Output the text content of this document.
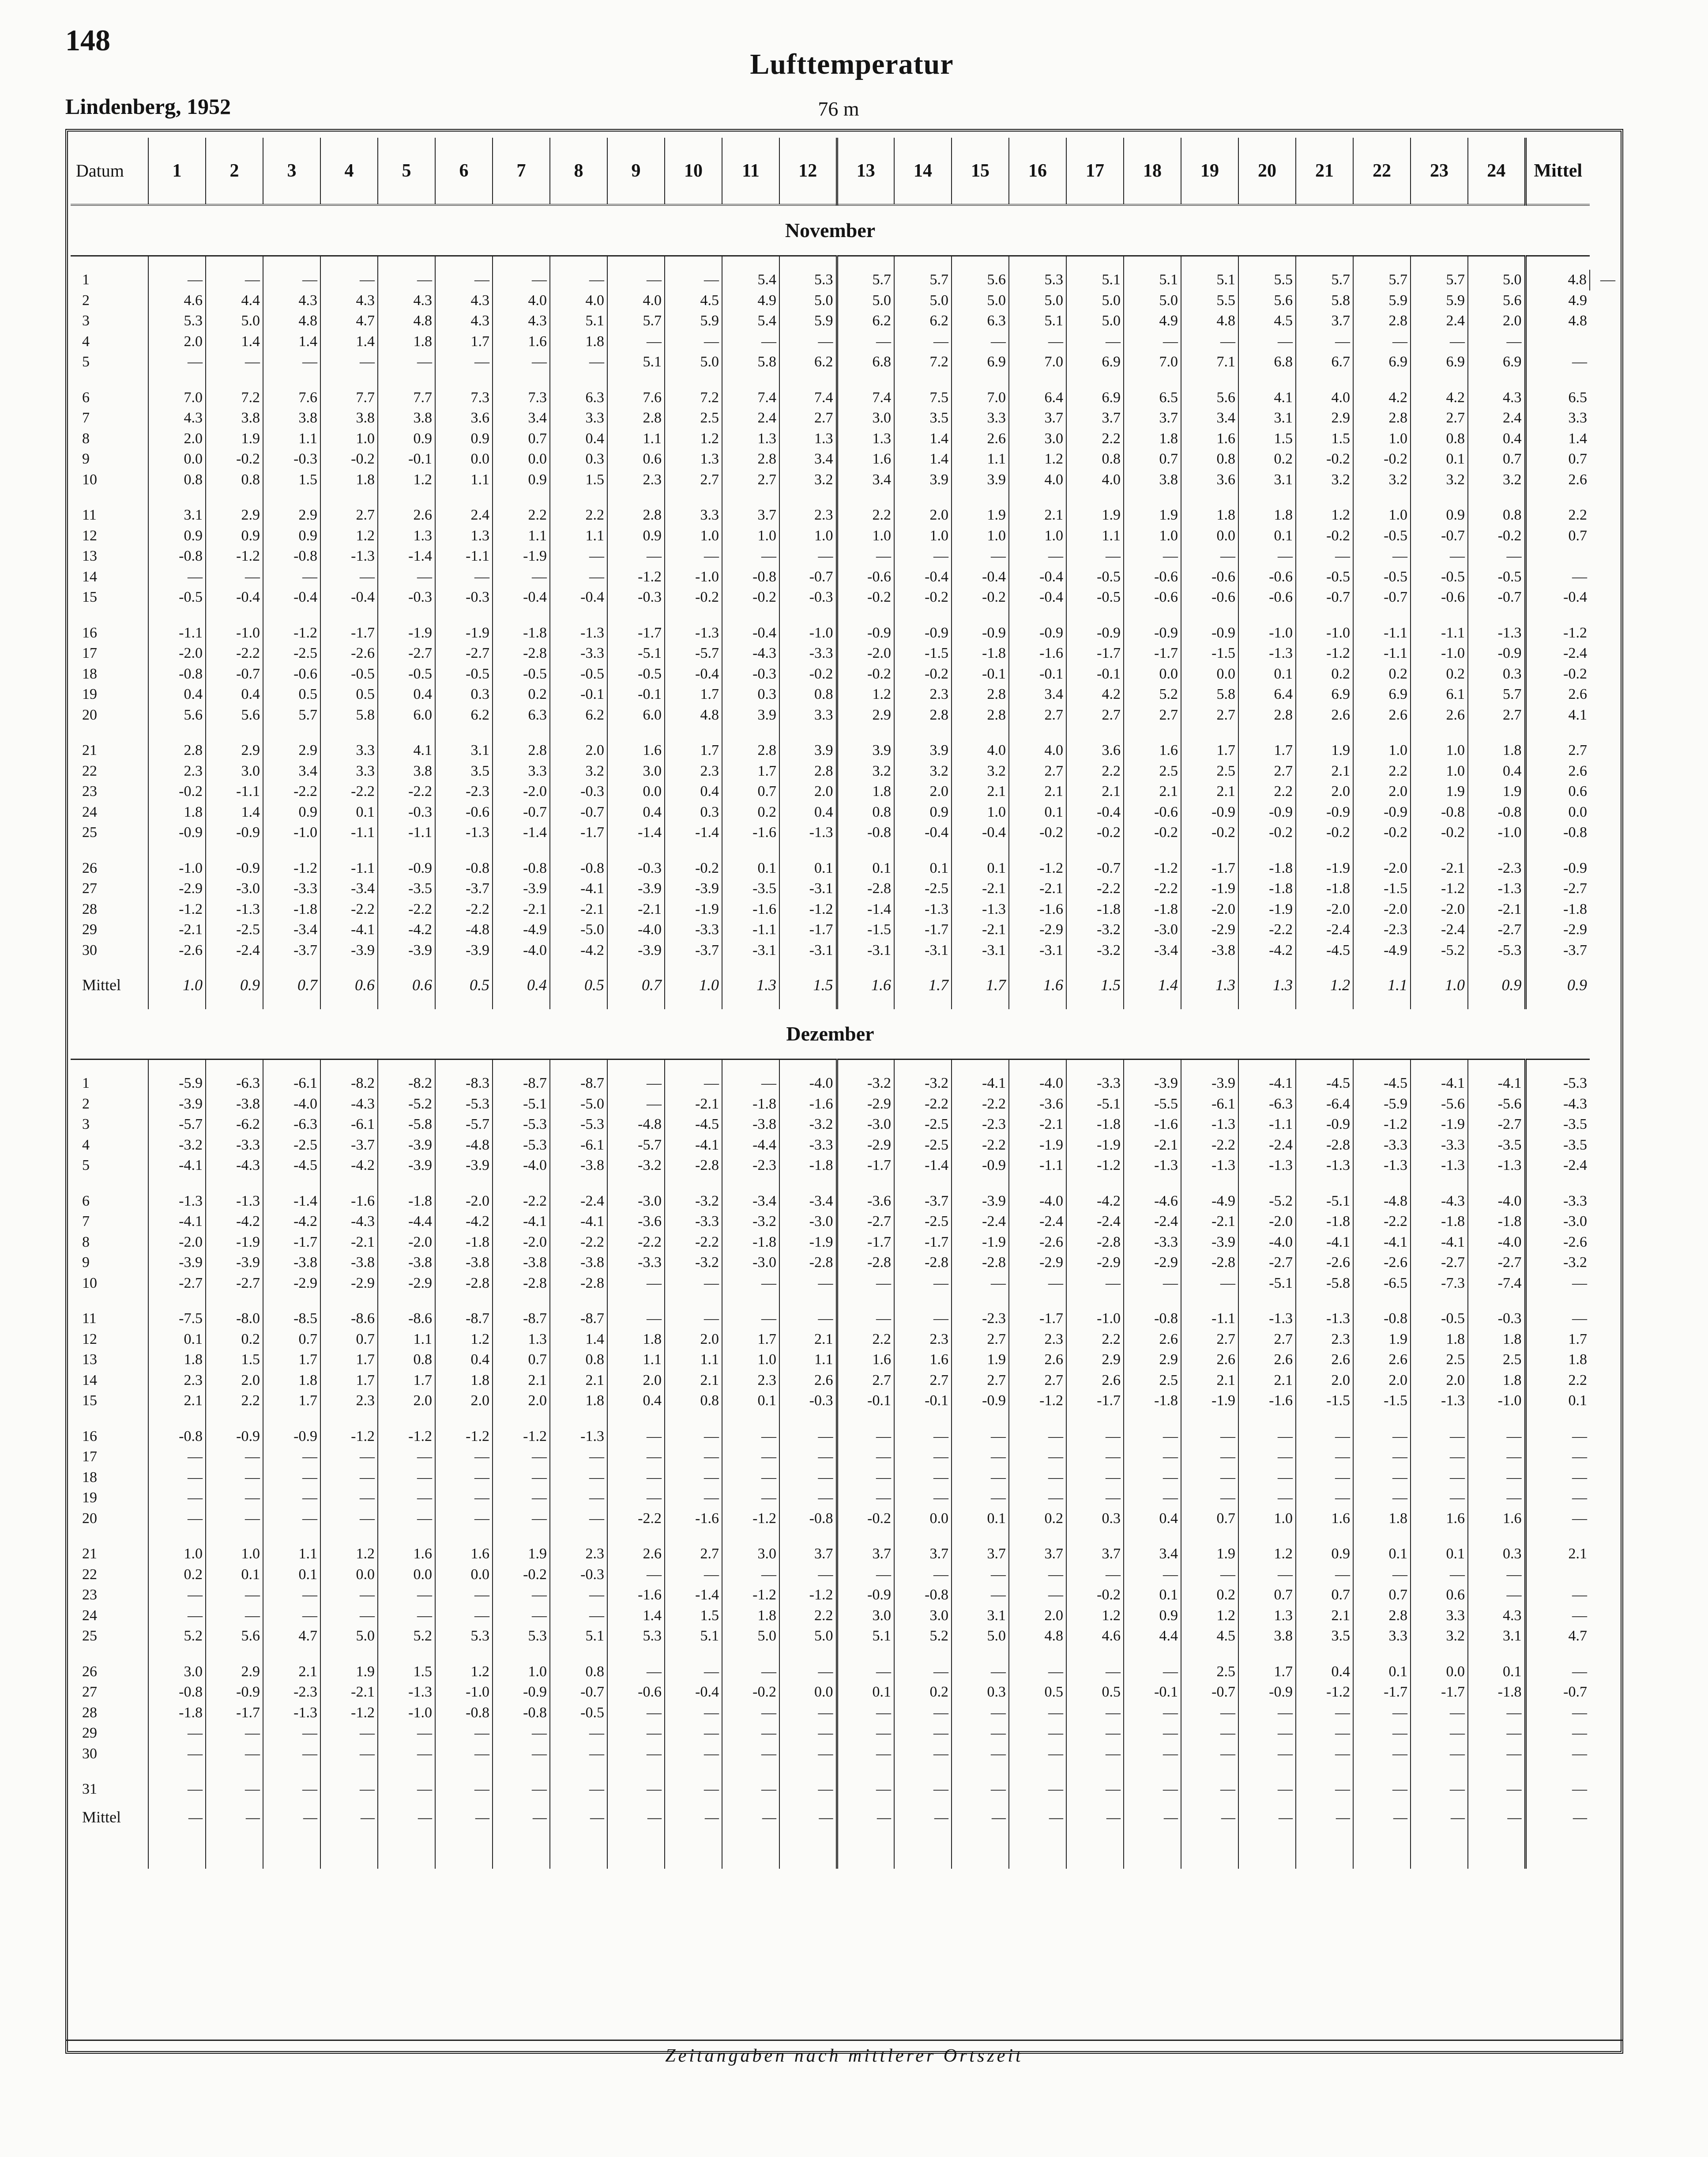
148
Lufttemperatur
Lindenberg, 1952	76 m
Datum	1	2	3	4	5	6	7	8	9	10	11	12	13	14	15	16	17	18	19	20	21	22	23	24	Mittel	
November																										

1	—	—	—	—	—	—	—	—	—	—	5.4	5.3	5.7	5.7	5.6	5.3	5.1	5.1	5.1	5.5	5.7	5.7	5.7	5.0	4.8	—
2	4.6	4.4	4.3	4.3	4.3	4.3	4.0	4.0	4.0	4.5	4.9	5.0	5.0	5.0	5.0	5.0	5.0	5.0	5.5	5.6	5.8	5.9	5.9	5.6	4.9	
3	5.3	5.0	4.8	4.7	4.8	4.3	4.3	5.1	5.7	5.9	5.4	5.9	6.2	6.2	6.3	5.1	5.0	4.9	4.8	4.5	3.7	2.8	2.4	2.0	4.8	
4	2.0	1.4	1.4	1.4	1.8	1.7	1.6	1.8	—	—	—	—	—	—	—	—	—	—	—	—	—	—	—	—		
5	—	—	—	—	—	—	—	—	5.1	5.0	5.8	6.2	6.8	7.2	6.9	7.0	6.9	7.0	7.1	6.8	6.7	6.9	6.9	6.9	—	

6	7.0	7.2	7.6	7.7	7.7	7.3	7.3	6.3	7.6	7.2	7.4	7.4	7.4	7.5	7.0	6.4	6.9	6.5	5.6	4.1	4.0	4.2	4.2	4.3	6.5	
7	4.3	3.8	3.8	3.8	3.8	3.6	3.4	3.3	2.8	2.5	2.4	2.7	3.0	3.5	3.3	3.7	3.7	3.7	3.4	3.1	2.9	2.8	2.7	2.4	3.3	
8	2.0	1.9	1.1	1.0	0.9	0.9	0.7	0.4	1.1	1.2	1.3	1.3	1.3	1.4	2.6	3.0	2.2	1.8	1.6	1.5	1.5	1.0	0.8	0.4	1.4	
9	0.0	-0.2	-0.3	-0.2	-0.1	0.0	0.0	0.3	0.6	1.3	2.8	3.4	1.6	1.4	1.1	1.2	0.8	0.7	0.8	0.2	-0.2	-0.2	0.1	0.7	0.7	
10	0.8	0.8	1.5	1.8	1.2	1.1	0.9	1.5	2.3	2.7	2.7	3.2	3.4	3.9	3.9	4.0	4.0	3.8	3.6	3.1	3.2	3.2	3.2	3.2	2.6	

11	3.1	2.9	2.9	2.7	2.6	2.4	2.2	2.2	2.8	3.3	3.7	2.3	2.2	2.0	1.9	2.1	1.9	1.9	1.8	1.8	1.2	1.0	0.9	0.8	2.2	
12	0.9	0.9	0.9	1.2	1.3	1.3	1.1	1.1	0.9	1.0	1.0	1.0	1.0	1.0	1.0	1.0	1.1	1.0	0.0	0.1	-0.2	-0.5	-0.7	-0.2	0.7	
13	-0.8	-1.2	-0.8	-1.3	-1.4	-1.1	-1.9	—	—	—	—	—	—	—	—	—	—	—	—	—	—	—	—	—		
14	—	—	—	—	—	—	—	—	-1.2	-1.0	-0.8	-0.7	-0.6	-0.4	-0.4	-0.4	-0.5	-0.6	-0.6	-0.6	-0.5	-0.5	-0.5	-0.5	—	
15	-0.5	-0.4	-0.4	-0.4	-0.3	-0.3	-0.4	-0.4	-0.3	-0.2	-0.2	-0.3	-0.2	-0.2	-0.2	-0.4	-0.5	-0.6	-0.6	-0.6	-0.7	-0.7	-0.6	-0.7	-0.4	

16	-1.1	-1.0	-1.2	-1.7	-1.9	-1.9	-1.8	-1.3	-1.7	-1.3	-0.4	-1.0	-0.9	-0.9	-0.9	-0.9	-0.9	-0.9	-0.9	-1.0	-1.0	-1.1	-1.1	-1.3	-1.2	
17	-2.0	-2.2	-2.5	-2.6	-2.7	-2.7	-2.8	-3.3	-5.1	-5.7	-4.3	-3.3	-2.0	-1.5	-1.8	-1.6	-1.7	-1.7	-1.5	-1.3	-1.2	-1.1	-1.0	-0.9	-2.4	
18	-0.8	-0.7	-0.6	-0.5	-0.5	-0.5	-0.5	-0.5	-0.5	-0.4	-0.3	-0.2	-0.2	-0.2	-0.1	-0.1	-0.1	0.0	0.0	0.1	0.2	0.2	0.2	0.3	-0.2	
19	0.4	0.4	0.5	0.5	0.4	0.3	0.2	-0.1	-0.1	1.7	0.3	0.8	1.2	2.3	2.8	3.4	4.2	5.2	5.8	6.4	6.9	6.9	6.1	5.7	2.6	
20	5.6	5.6	5.7	5.8	6.0	6.2	6.3	6.2	6.0	4.8	3.9	3.3	2.9	2.8	2.8	2.7	2.7	2.7	2.7	2.8	2.6	2.6	2.6	2.7	4.1	

21	2.8	2.9	2.9	3.3	4.1	3.1	2.8	2.0	1.6	1.7	2.8	3.9	3.9	3.9	4.0	4.0	3.6	1.6	1.7	1.7	1.9	1.0	1.0	1.8	2.7	
22	2.3	3.0	3.4	3.3	3.8	3.5	3.3	3.2	3.0	2.3	1.7	2.8	3.2	3.2	3.2	2.7	2.2	2.5	2.5	2.7	2.1	2.2	1.0	0.4	2.6	
23	-0.2	-1.1	-2.2	-2.2	-2.2	-2.3	-2.0	-0.3	0.0	0.4	0.7	2.0	1.8	2.0	2.1	2.1	2.1	2.1	2.1	2.2	2.0	2.0	1.9	1.9	0.6	
24	1.8	1.4	0.9	0.1	-0.3	-0.6	-0.7	-0.7	0.4	0.3	0.2	0.4	0.8	0.9	1.0	0.1	-0.4	-0.6	-0.9	-0.9	-0.9	-0.9	-0.8	-0.8	0.0	
25	-0.9	-0.9	-1.0	-1.1	-1.1	-1.3	-1.4	-1.7	-1.4	-1.4	-1.6	-1.3	-0.8	-0.4	-0.4	-0.2	-0.2	-0.2	-0.2	-0.2	-0.2	-0.2	-0.2	-1.0	-0.8	

26	-1.0	-0.9	-1.2	-1.1	-0.9	-0.8	-0.8	-0.8	-0.3	-0.2	0.1	0.1	0.1	0.1	0.1	-1.2	-0.7	-1.2	-1.7	-1.8	-1.9	-2.0	-2.1	-2.3	-0.9	
27	-2.9	-3.0	-3.3	-3.4	-3.5	-3.7	-3.9	-4.1	-3.9	-3.9	-3.5	-3.1	-2.8	-2.5	-2.1	-2.1	-2.2	-2.2	-1.9	-1.8	-1.8	-1.5	-1.2	-1.3	-2.7	
28	-1.2	-1.3	-1.8	-2.2	-2.2	-2.2	-2.1	-2.1	-2.1	-1.9	-1.6	-1.2	-1.4	-1.3	-1.3	-1.6	-1.8	-1.8	-2.0	-1.9	-2.0	-2.0	-2.0	-2.1	-1.8	
29	-2.1	-2.5	-3.4	-4.1	-4.2	-4.8	-4.9	-5.0	-4.0	-3.3	-1.1	-1.7	-1.5	-1.7	-2.1	-2.9	-3.2	-3.0	-2.9	-2.2	-2.4	-2.3	-2.4	-2.7	-2.9	
30	-2.6	-2.4	-3.7	-3.9	-3.9	-3.9	-4.0	-4.2	-3.9	-3.7	-3.1	-3.1	-3.1	-3.1	-3.1	-3.1	-3.2	-3.4	-3.8	-4.2	-4.5	-4.9	-5.2	-5.3	-3.7	
Mittel	1.0	0.9	0.7	0.6	0.6	0.5	0.4	0.5	0.7	1.0	1.3	1.5	1.6	1.7	1.7	1.6	1.5	1.4	1.3	1.3	1.2	1.1	1.0	0.9	0.9	
Dezember																										

1	-5.9	-6.3	-6.1	-8.2	-8.2	-8.3	-8.7	-8.7	—	—	—	-4.0	-3.2	-3.2	-4.1	-4.0	-3.3	-3.9	-3.9	-4.1	-4.5	-4.5	-4.1	-4.1	-5.3	
2	-3.9	-3.8	-4.0	-4.3	-5.2	-5.3	-5.1	-5.0	—	-2.1	-1.8	-1.6	-2.9	-2.2	-2.2	-3.6	-5.1	-5.5	-6.1	-6.3	-6.4	-5.9	-5.6	-5.6	-4.3	
3	-5.7	-6.2	-6.3	-6.1	-5.8	-5.7	-5.3	-5.3	-4.8	-4.5	-3.8	-3.2	-3.0	-2.5	-2.3	-2.1	-1.8	-1.6	-1.3	-1.1	-0.9	-1.2	-1.9	-2.7	-3.5	
4	-3.2	-3.3	-2.5	-3.7	-3.9	-4.8	-5.3	-6.1	-5.7	-4.1	-4.4	-3.3	-2.9	-2.5	-2.2	-1.9	-1.9	-2.1	-2.2	-2.4	-2.8	-3.3	-3.3	-3.5	-3.5	
5	-4.1	-4.3	-4.5	-4.2	-3.9	-3.9	-4.0	-3.8	-3.2	-2.8	-2.3	-1.8	-1.7	-1.4	-0.9	-1.1	-1.2	-1.3	-1.3	-1.3	-1.3	-1.3	-1.3	-1.3	-2.4	

6	-1.3	-1.3	-1.4	-1.6	-1.8	-2.0	-2.2	-2.4	-3.0	-3.2	-3.4	-3.4	-3.6	-3.7	-3.9	-4.0	-4.2	-4.6	-4.9	-5.2	-5.1	-4.8	-4.3	-4.0	-3.3	
7	-4.1	-4.2	-4.2	-4.3	-4.4	-4.2	-4.1	-4.1	-3.6	-3.3	-3.2	-3.0	-2.7	-2.5	-2.4	-2.4	-2.4	-2.4	-2.1	-2.0	-1.8	-2.2	-1.8	-1.8	-3.0	
8	-2.0	-1.9	-1.7	-2.1	-2.0	-1.8	-2.0	-2.2	-2.2	-2.2	-1.8	-1.9	-1.7	-1.7	-1.9	-2.6	-2.8	-3.3	-3.9	-4.0	-4.1	-4.1	-4.1	-4.0	-2.6	
9	-3.9	-3.9	-3.8	-3.8	-3.8	-3.8	-3.8	-3.8	-3.3	-3.2	-3.0	-2.8	-2.8	-2.8	-2.8	-2.9	-2.9	-2.9	-2.8	-2.7	-2.6	-2.6	-2.7	-2.7	-3.2	
10	-2.7	-2.7	-2.9	-2.9	-2.9	-2.8	-2.8	-2.8	—	—	—	—	—	—	—	—	—	—	—	-5.1	-5.8	-6.5	-7.3	-7.4	—	

11	-7.5	-8.0	-8.5	-8.6	-8.6	-8.7	-8.7	-8.7	—	—	—	—	—	—	-2.3	-1.7	-1.0	-0.8	-1.1	-1.3	-1.3	-0.8	-0.5	-0.3	—	
12	0.1	0.2	0.7	0.7	1.1	1.2	1.3	1.4	1.8	2.0	1.7	2.1	2.2	2.3	2.7	2.3	2.2	2.6	2.7	2.7	2.3	1.9	1.8	1.8	1.7	
13	1.8	1.5	1.7	1.7	0.8	0.4	0.7	0.8	1.1	1.1	1.0	1.1	1.6	1.6	1.9	2.6	2.9	2.9	2.6	2.6	2.6	2.6	2.5	2.5	1.8	
14	2.3	2.0	1.8	1.7	1.7	1.8	2.1	2.1	2.0	2.1	2.3	2.6	2.7	2.7	2.7	2.7	2.6	2.5	2.1	2.1	2.0	2.0	2.0	1.8	2.2	
15	2.1	2.2	1.7	2.3	2.0	2.0	2.0	1.8	0.4	0.8	0.1	-0.3	-0.1	-0.1	-0.9	-1.2	-1.7	-1.8	-1.9	-1.6	-1.5	-1.5	-1.3	-1.0	0.1	

16	-0.8	-0.9	-0.9	-1.2	-1.2	-1.2	-1.2	-1.3	—	—	—	—	—	—	—	—	—	—	—	—	—	—	—	—	—	
17	—	—	—	—	—	—	—	—	—	—	—	—	—	—	—	—	—	—	—	—	—	—	—	—	—	
18	—	—	—	—	—	—	—	—	—	—	—	—	—	—	—	—	—	—	—	—	—	—	—	—	—	
19	—	—	—	—	—	—	—	—	—	—	—	—	—	—	—	—	—	—	—	—	—	—	—	—	—	
20	—	—	—	—	—	—	—	—	-2.2	-1.6	-1.2	-0.8	-0.2	0.0	0.1	0.2	0.3	0.4	0.7	1.0	1.6	1.8	1.6	1.6	—	

21	1.0	1.0	1.1	1.2	1.6	1.6	1.9	2.3	2.6	2.7	3.0	3.7	3.7	3.7	3.7	3.7	3.7	3.4	1.9	1.2	0.9	0.1	0.1	0.3	2.1	
22	0.2	0.1	0.1	0.0	0.0	0.0	-0.2	-0.3	—	—	—	—	—	—	—	—	—	—	—	—	—	—	—	—		
23	—	—	—	—	—	—	—	—	-1.6	-1.4	-1.2	-1.2	-0.9	-0.8	—	—	-0.2	0.1	0.2	0.7	0.7	0.7	0.6	—	—	
24	—	—	—	—	—	—	—	—	1.4	1.5	1.8	2.2	3.0	3.0	3.1	2.0	1.2	0.9	1.2	1.3	2.1	2.8	3.3	4.3	—	
25	5.2	5.6	4.7	5.0	5.2	5.3	5.3	5.1	5.3	5.1	5.0	5.0	5.1	5.2	5.0	4.8	4.6	4.4	4.5	3.8	3.5	3.3	3.2	3.1	4.7	

26	3.0	2.9	2.1	1.9	1.5	1.2	1.0	0.8	—	—	—	—	—	—	—	—	—	—	2.5	1.7	0.4	0.1	0.0	0.1	—	
27	-0.8	-0.9	-2.3	-2.1	-1.3	-1.0	-0.9	-0.7	-0.6	-0.4	-0.2	0.0	0.1	0.2	0.3	0.5	0.5	-0.1	-0.7	-0.9	-1.2	-1.7	-1.7	-1.8	-0.7	
28	-1.8	-1.7	-1.3	-1.2	-1.0	-0.8	-0.8	-0.5	—	—	—	—	—	—	—	—	—	—	—	—	—	—	—	—	—	
29	—	—	—	—	—	—	—	—	—	—	—	—	—	—	—	—	—	—	—	—	—	—	—	—	—	
30	—	—	—	—	—	—	—	—	—	—	—	—	—	—	—	—	—	—	—	—	—	—	—	—	—	

31	—	—	—	—	—	—	—	—	—	—	—	—	—	—	—	—	—	—	—	—	—	—	—	—	—	
Mittel	—	—	—	—	—	—	—	—	—	—	—	—	—	—	—	—	—	—	—	—	—	—	—	—	—	

Zeitangaben nach mittlerer Ortszeit
